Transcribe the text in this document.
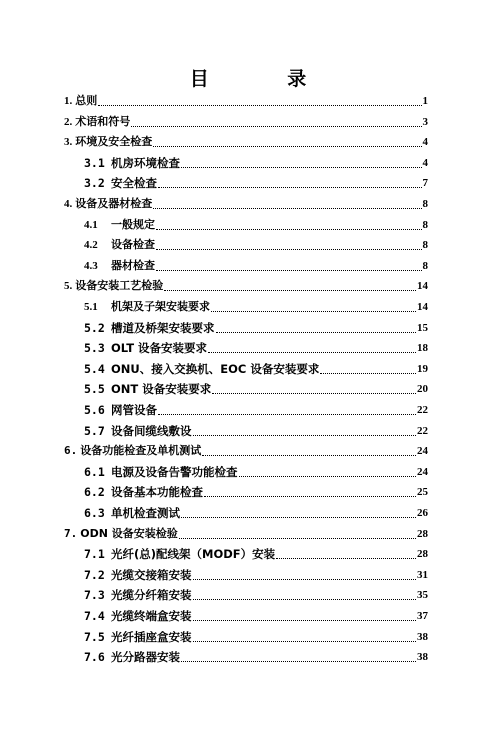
目 录
1. 总则	1
2. 术语和符号	3
3. 环境及安全检查	4
3.1 机房环境检查	4
3.2 安全检查	7
4. 设备及器材检查	8
4.1	一般规定	8
4.2	设备检查	8
4.3	器材检查	8
5. 设备安装工艺检验	14
5.1	机架及子架安装要求	14
5.2 槽道及桥架安装要求	15
5.3 OLT 设备安装要求	18
5.4 ONU、接入交换机、EOC 设备安装要求	19
5.5 ONT 设备安装要求	20
5.6 网管设备	22
5.7 设备间缆线敷设	22
6. 设备功能检查及单机测试	24
6.1 电源及设备告警功能检查	24
6.2 设备基本功能检查	25
6.3 单机检查测试	26
7. ODN 设备安装检验	28
7.1 光纤(总)配线架（MODF）安装	28
7.2 光缆交接箱安装	31
7.3 光缆分纤箱安装	35
7.4 光缆终端盒安装	37
7.5 光纤插座盒安装	38
7.6 光分路器安装	38
